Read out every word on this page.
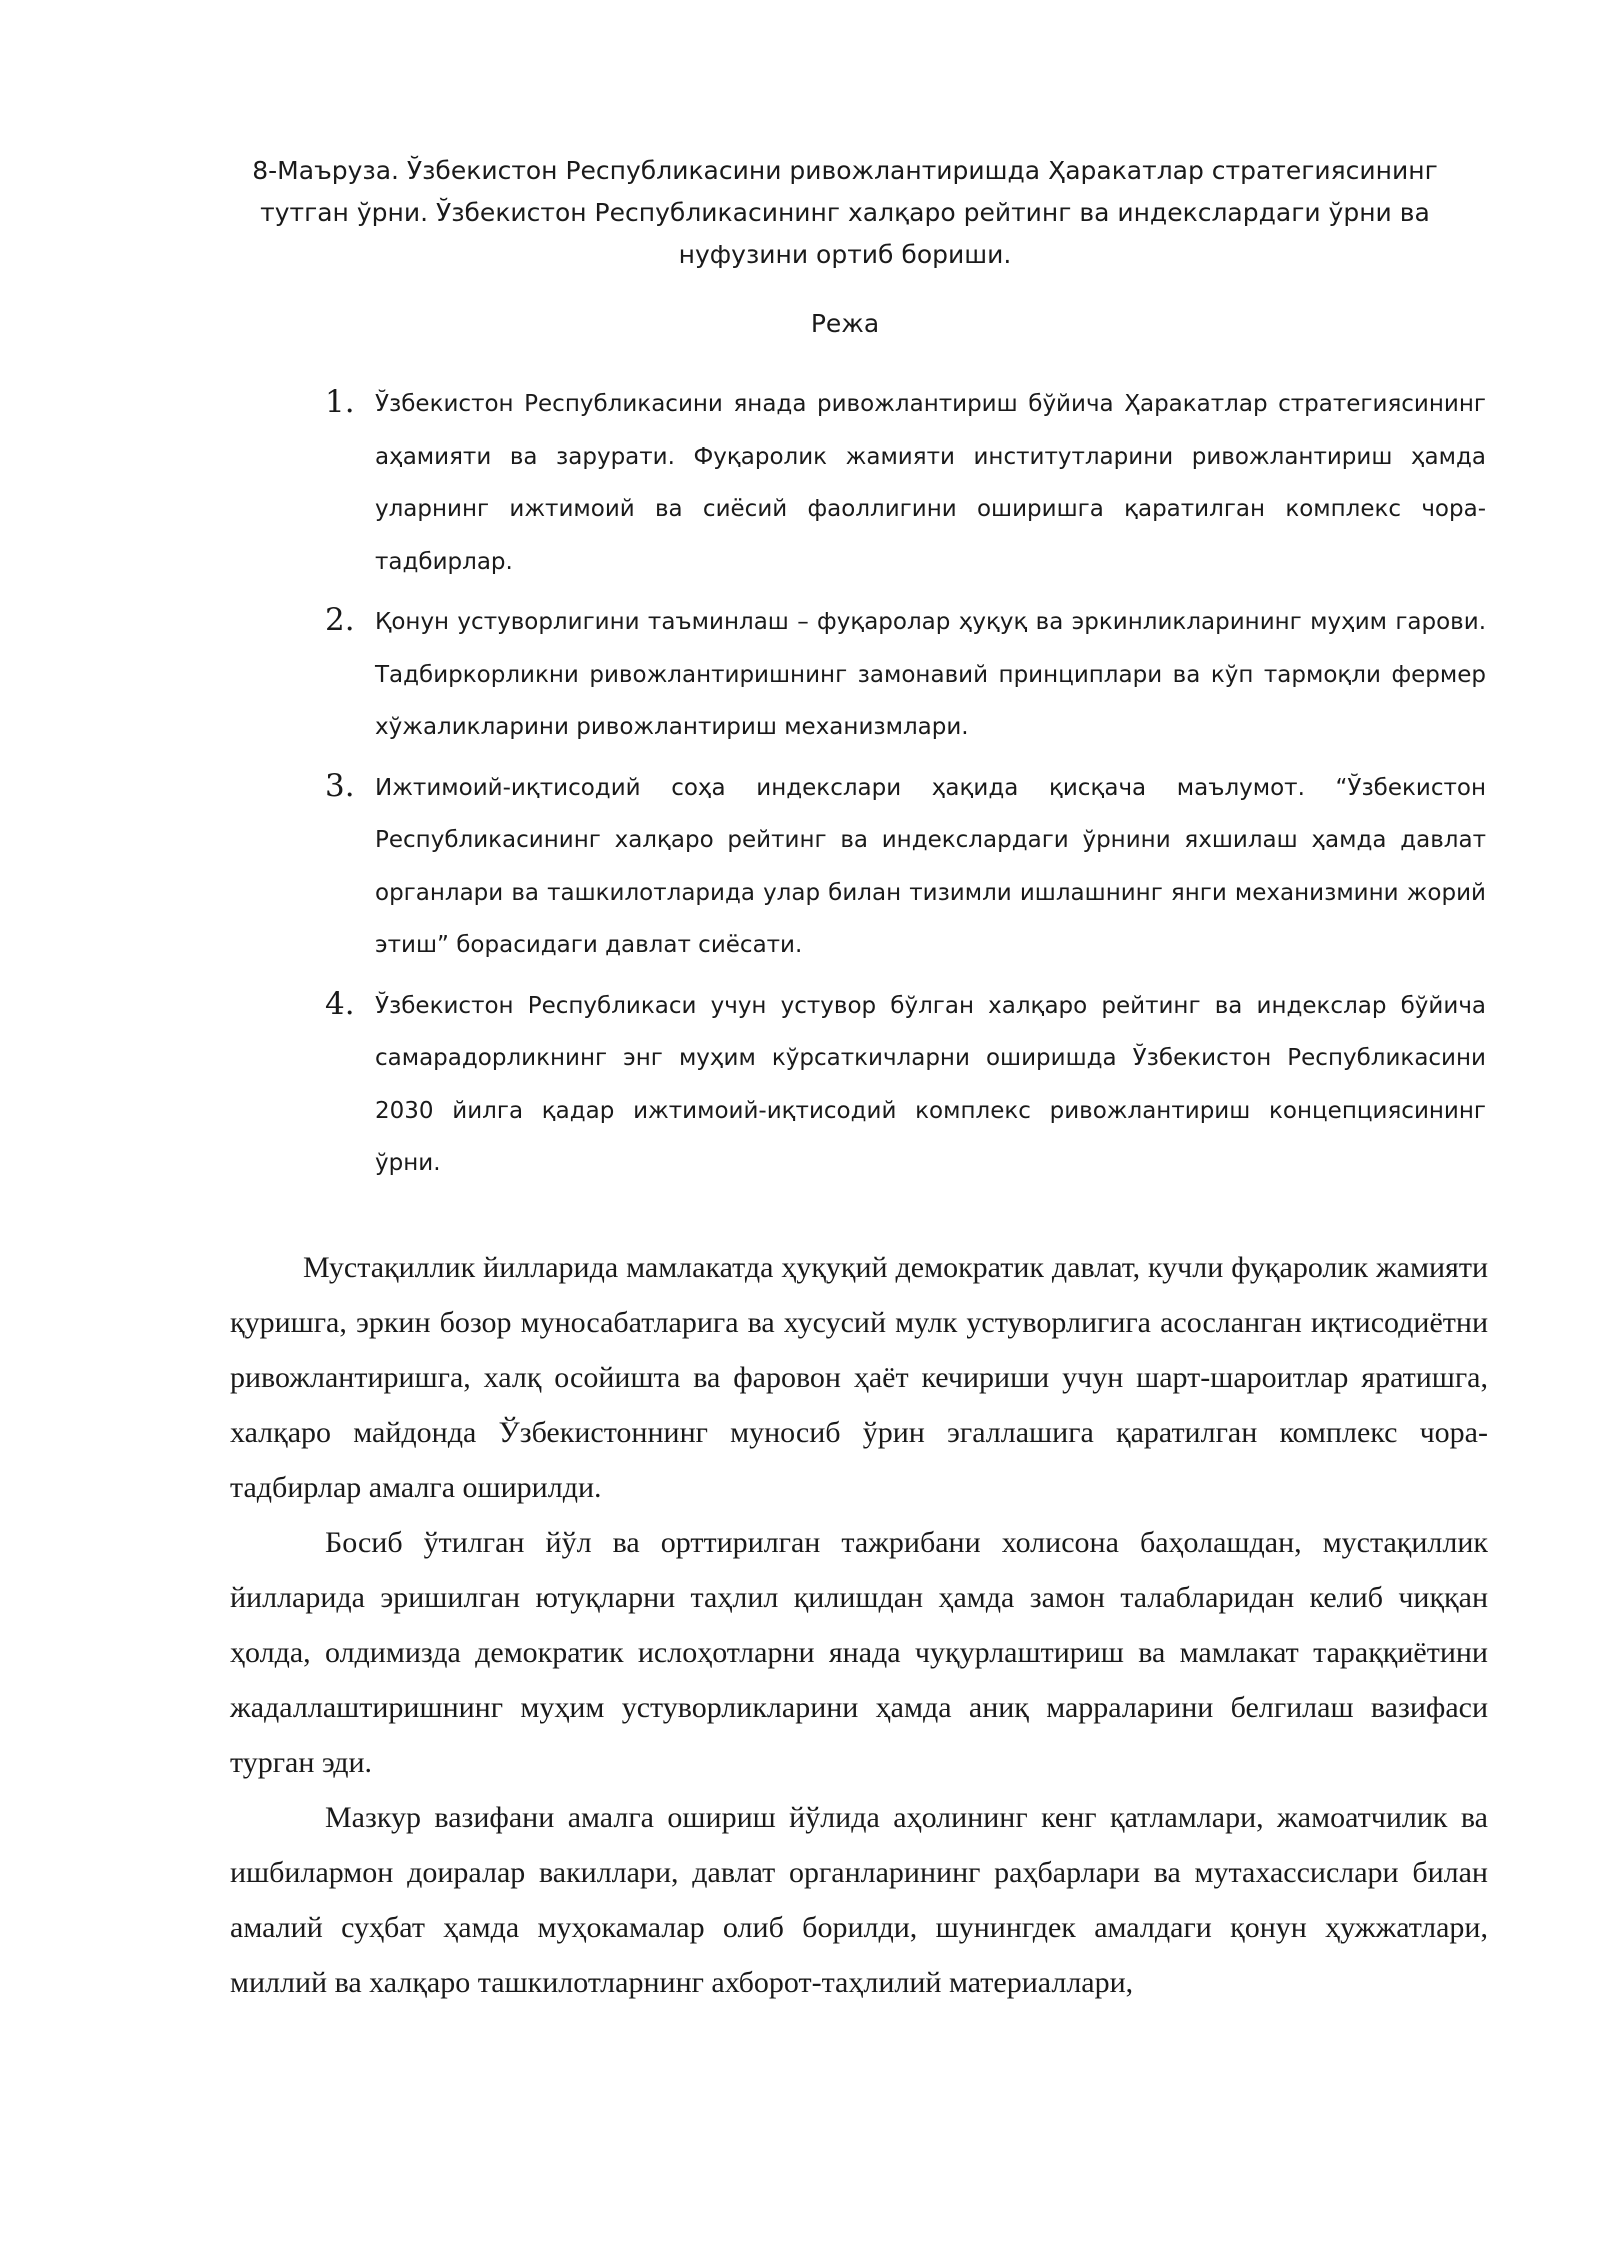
8-Маъруза. Ўзбекистон Республикасини ривожлантиришда Ҳаракатлар стратегиясининг тутган ўрни. Ўзбекистон Республикасининг халқаро рейтинг ва индекслардаги ўрни ва нуфузини ортиб бориши.

Режа

1. Ўзбекистон Республикасини янада ривожлантириш бўйича Ҳаракатлар стратегиясининг аҳамияти ва зарурати. Фуқаролик жамияти институтларини ривожлантириш ҳамда уларнинг ижтимоий ва сиёсий фаоллигини оширишга қаратилган комплекс чора-тадбирлар.
2. Қонун устуворлигини таъминлаш – фуқаролар ҳуқуқ ва эркинликларининг муҳим гарови. Тадбиркорликни ривожлантиришнинг замонавий принциплари ва кўп тармоқли фермер хўжаликларини ривожлантириш механизмлари.
3. Ижтимоий-иқтисодий соҳа индекслари ҳақида қисқача маълумот. “Ўзбекистон Республикасининг халқаро рейтинг ва индекслардаги ўрнини яхшилаш ҳамда давлат органлари ва ташкилотларида улар билан тизимли ишлашнинг янги механизмини жорий этиш” борасидаги давлат сиёсати.
4. Ўзбекистон Республикаси учун устувор бўлган халқаро рейтинг ва индекслар бўйича самарадорликнинг энг муҳим кўрсаткичларни оширишда Ўзбекистон Республикасини 2030 йилга қадар ижтимоий-иқтисодий комплекс ривожлантириш концепциясининг ўрни.

Мустақиллик йилларида мамлакатда ҳуқуқий демократик давлат, кучли фуқаролик жамияти қуришга, эркин бозор муносабатларига ва хусусий мулк устуворлигига асосланган иқтисодиётни ривожлантиришга, халқ осойишта ва фаровон ҳаёт кечириши учун шарт-шароитлар яратишга, халқаро майдонда Ўзбекистоннинг муносиб ўрин эгаллашига қаратилган комплекс чора-тадбирлар амалга оширилди.

Босиб ўтилган йўл ва орттирилган тажрибани холисона баҳолашдан, мустақиллик йилларида эришилган ютуқларни таҳлил қилишдан ҳамда замон талабларидан келиб чиққан ҳолда, олдимизда демократик ислоҳотларни янада чуқурлаштириш ва мамлакат тараққиётини жадаллаштиришнинг муҳим устуворликларини ҳамда аниқ марраларини белгилаш вазифаси турган эди.

Мазкур вазифани амалга ошириш йўлида аҳолининг кенг қатламлари, жамоатчилик ва ишбилармон доиралар вакиллари, давлат органларининг раҳбарлари ва мутахассислари билан амалий суҳбат ҳамда муҳокамалар олиб борилди, шунингдек амалдаги қонун ҳужжатлари, миллий ва халқаро ташкилотларнинг ахборот-таҳлилий материаллари,
